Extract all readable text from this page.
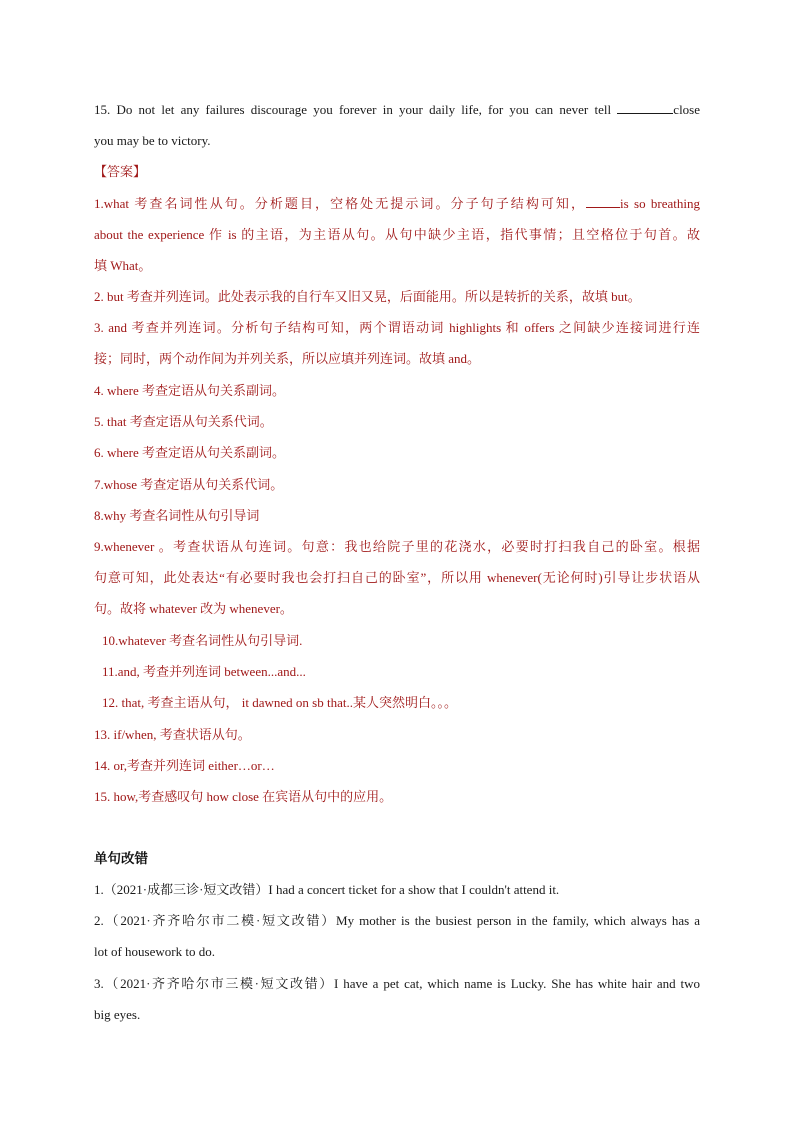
15. Do not let any failures discourage you forever in your daily life, for you can never tell	close
you may be to victory.
【答案】
1.what 考查名词性从句。分析题目，空格处无提示词。分子句子结构可知，	is so breathing
about the experience 作 is 的主语，为主语从句。从句中缺少主语，指代事情；且空格位于句首。故
填 What。
2. but 考查并列连词。此处表示我的自行车又旧又晃，后面能用。所以是转折的关系，故填 but。
3. and 考查并列连词。分析句子结构可知，两个谓语动词 highlights 和 offers 之间缺少连接词进行连
接；同时，两个动作间为并列关系，所以应填并列连词。故填 and。
4. where 考查定语从句关系副词。
5. that 考查定语从句关系代词。
6. where 考查定语从句关系副词。
7.whose 考查定语从句关系代词。
8.why 考查名词性从句引导词
9.whenever 。考查状语从句连词。句意：我也给院子里的花浇水，必要时打扫我自己的卧室。根据
句意可知，此处表达“有必要时我也会打扫自己的卧室”，所以用 whenever(无论何时)引导让步状语从
句。故将 whatever 改为 whenever。
10.whatever 考查名词性从句引导词.
11.and, 考查并列连词 between...and...
12. that, 考查主语从句， it dawned on sb that..某人突然明白。。。
13. if/when, 考查状语从句。
14. or,考查并列连词 either…or…
15. how,考查感叹句 how close 在宾语从句中的应用。
单句改错
1.（2021·成都三诊·短文改错）I had a concert ticket for a show that I couldn't attend it.
2.（2021·齐齐哈尔市二模·短文改错）My mother is the busiest person in the family, which always has a
lot of housework to do.
3.（2021·齐齐哈尔市三模·短文改错）I have a pet cat, which name is Lucky. She has white hair and two
big eyes.
